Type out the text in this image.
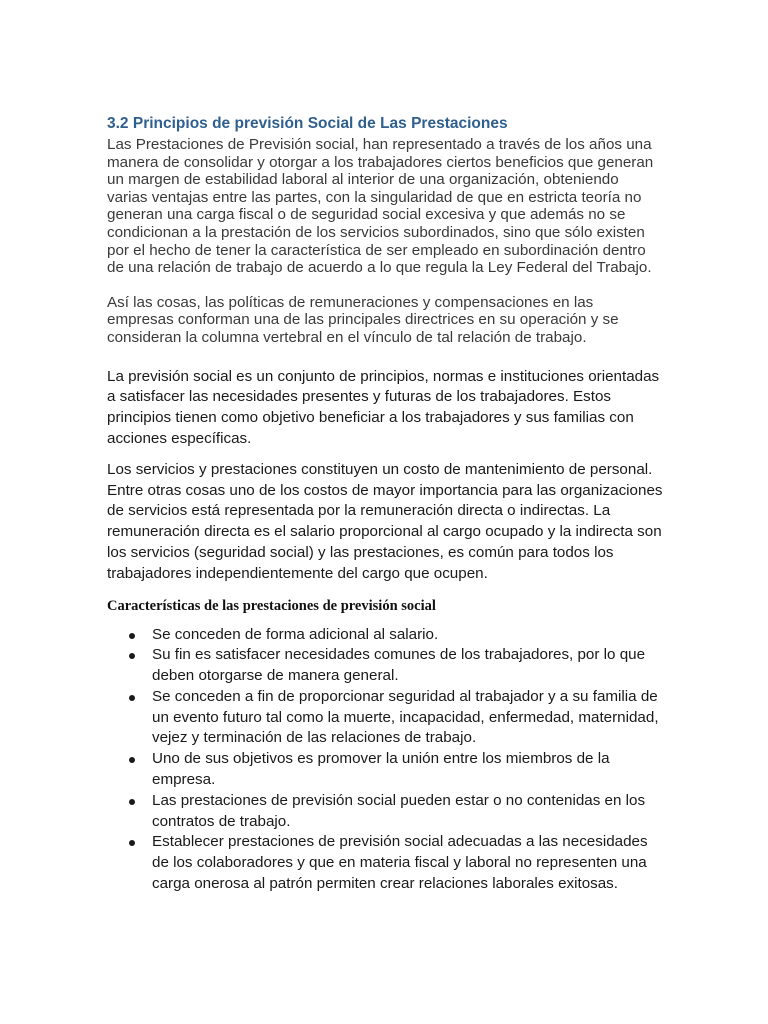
3.2 Principios de previsión Social de Las Prestaciones

Las Prestaciones de Previsión social, han representado a través de los años una manera de consolidar y otorgar a los trabajadores ciertos beneficios que generan un margen de estabilidad laboral al interior de una organización, obteniendo varias ventajas entre las partes, con la singularidad de que en estricta teoría no generan una carga fiscal o de seguridad social excesiva y que además no se condicionan a la prestación de los servicios subordinados, sino que sólo existen por el hecho de tener la característica de ser empleado en subordinación dentro de una relación de trabajo de acuerdo a lo que regula la Ley Federal del Trabajo.

Así las cosas, las políticas de remuneraciones y compensaciones en las empresas conforman una de las principales directrices en su operación y se consideran la columna vertebral en el vínculo de tal relación de trabajo.

La previsión social es un conjunto de principios, normas e instituciones orientadas a satisfacer las necesidades presentes y futuras de los trabajadores. Estos principios tienen como objetivo beneficiar a los trabajadores y sus familias con acciones específicas.

Los servicios y prestaciones constituyen un costo de mantenimiento de personal. Entre otras cosas uno de los costos de mayor importancia para las organizaciones de servicios está representada por la remuneración directa o indirectas. La remuneración directa es el salario proporcional al cargo ocupado y la indirecta son los servicios (seguridad social) y las prestaciones, es común para todos los trabajadores independientemente del cargo que ocupen.

Características de las prestaciones de previsión social
Se conceden de forma adicional al salario.
Su fin es satisfacer necesidades comunes de los trabajadores, por lo que deben otorgarse de manera general.
Se conceden a fin de proporcionar seguridad al trabajador y a su familia de un evento futuro tal como la muerte, incapacidad, enfermedad, maternidad, vejez y terminación de las relaciones de trabajo.
Uno de sus objetivos es promover la unión entre los miembros de la empresa.
Las prestaciones de previsión social pueden estar o no contenidas en los contratos de trabajo.
Establecer prestaciones de previsión social adecuadas a las necesidades de los colaboradores y que en materia fiscal y laboral no representen una carga onerosa al patrón permiten crear relaciones laborales exitosas.
